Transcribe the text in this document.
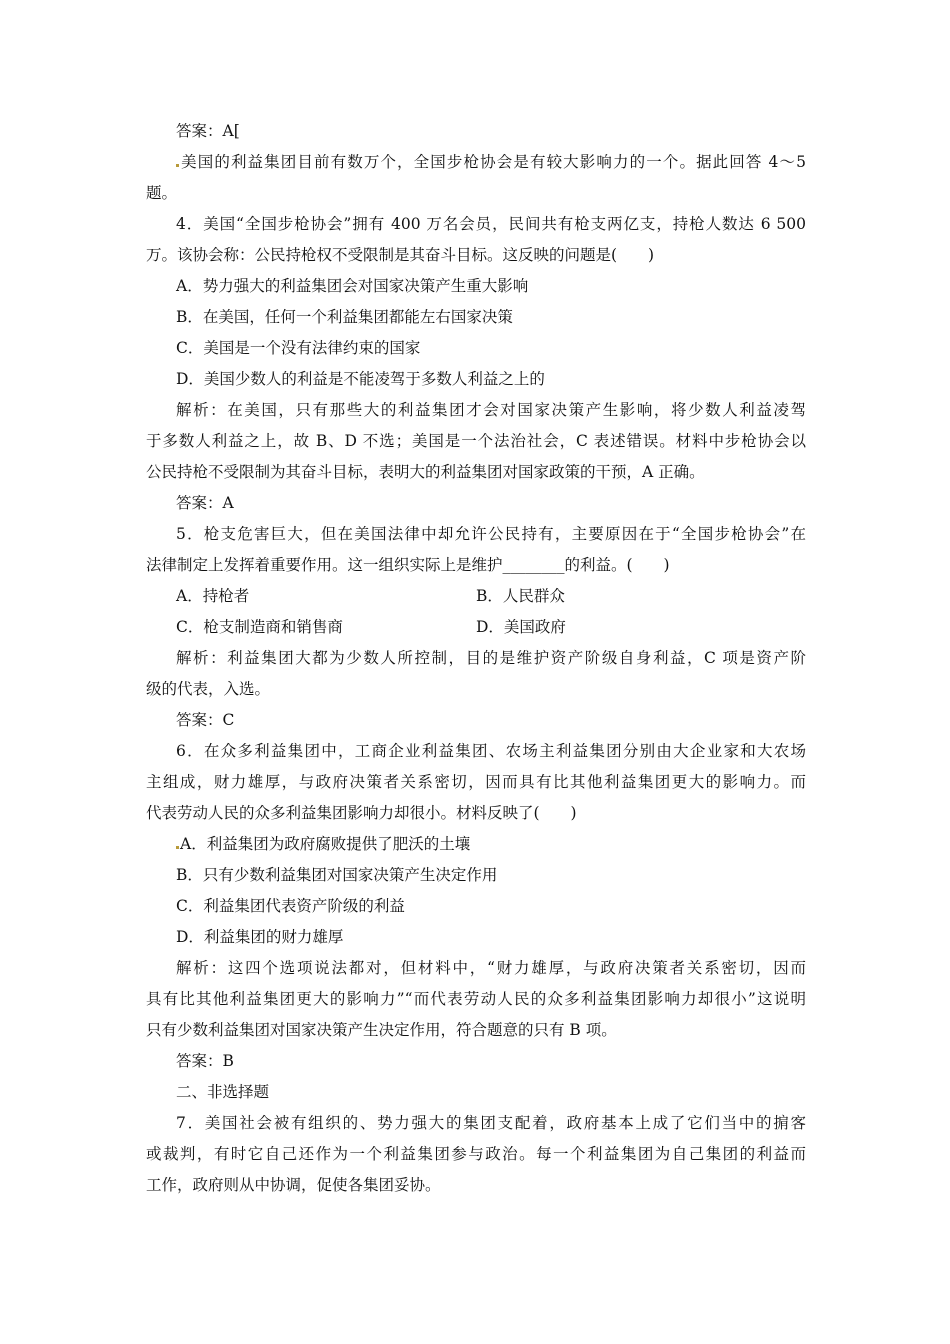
答案：A[

美国的利益集团目前有数万个，全国步枪协会是有较大影响力的一个。据此回答 4～5

题。

4．美国“全国步枪协会”拥有 400 万名会员，民间共有枪支两亿支，持枪人数达 6 500

万。该协会称：公民持枪权不受限制是其奋斗目标。这反映的问题是(　　)

A．势力强大的利益集团会对国家决策产生重大影响

B．在美国，任何一个利益集团都能左右国家决策

C．美国是一个没有法律约束的国家

D．美国少数人的利益是不能凌驾于多数人利益之上的

解析：在美国，只有那些大的利益集团才会对国家决策产生影响，将少数人利益凌驾

于多数人利益之上，故 B、D 不选；美国是一个法治社会，C 表述错误。材料中步枪协会以

公民持枪不受限制为其奋斗目标，表明大的利益集团对国家政策的干预，A 正确。

答案：A

5．枪支危害巨大，但在美国法律中却允许公民持有，主要原因在于“全国步枪协会”在

法律制定上发挥着重要作用。这一组织实际上是维护________的利益。(　　)

A．持枪者	B．人民群众

C．枪支制造商和销售商	D．美国政府

解析：利益集团大都为少数人所控制，目的是维护资产阶级自身利益，C 项是资产阶

级的代表，入选。

答案：C

6．在众多利益集团中，工商企业利益集团、农场主利益集团分别由大企业家和大农场

主组成，财力雄厚，与政府决策者关系密切，因而具有比其他利益集团更大的影响力。而

代表劳动人民的众多利益集团影响力却很小。材料反映了(　　)

A．利益集团为政府腐败提供了肥沃的土壤

B．只有少数利益集团对国家决策产生决定作用

C．利益集团代表资产阶级的利益

D．利益集团的财力雄厚

解析：这四个选项说法都对，但材料中，“财力雄厚，与政府决策者关系密切，因而

具有比其他利益集团更大的影响力”“而代表劳动人民的众多利益集团影响力却很小”这说明

只有少数利益集团对国家决策产生决定作用，符合题意的只有 B 项。

答案：B

二、非选择题

7．美国社会被有组织的、势力强大的集团支配着，政府基本上成了它们当中的掮客

或裁判，有时它自己还作为一个利益集团参与政治。每一个利益集团为自己集团的利益而

工作，政府则从中协调，促使各集团妥协。
